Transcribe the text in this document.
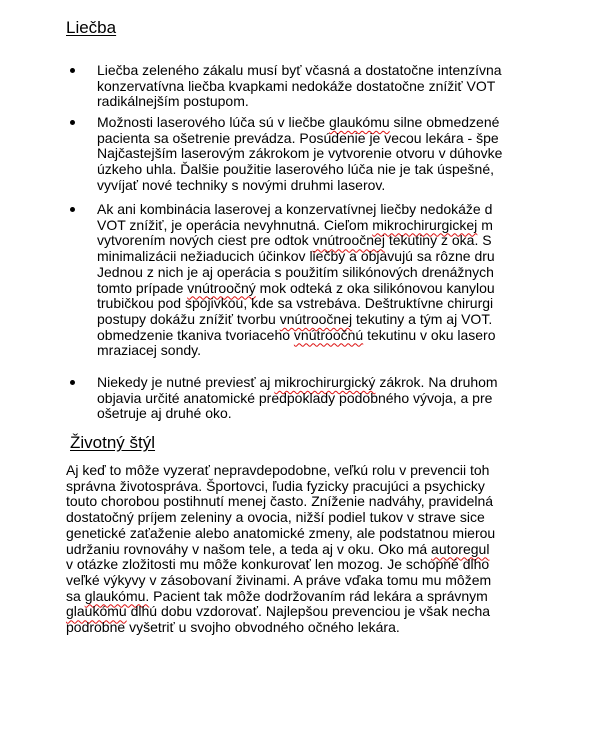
Liečba
Liečba zeleného zákalu musí byť včasná a dostatočne intenzívna
konzervatívna liečba kvapkami nedokáže dostatočne znížiť VOT
radikálnejším postupom.
Možnosti laserového lúča sú v liečbe glaukómu silne obmedzené
pacienta sa ošetrenie prevádza. Posúdenie je vecou lekára - špe
Najčastejším laserovým zákrokom je vytvorenie otvoru v dúhovke
úzkeho uhla. Ďalšie použitie laserového lúča nie je tak úspešné,
vyvíjať nové techniky s novými druhmi laserov.
Ak ani kombinácia laserovej a konzervatívnej liečby nedokáže d
VOT znížiť, je operácia nevyhnutná. Cieľom mikrochirurgickej m
vytvorením nových ciest pre odtok vnútroočnej tekutiny z oka. S
minimalizácii nežiaducich účinkov liečby a objavujú sa rôzne dru
Jednou z nich je aj operácia s použitím silikónových drenážnych
tomto prípade vnútroočný mok odteká z oka silikónovou kanylou
trubičkou pod spojivkou, kde sa vstrebáva. Deštruktívne chirurgi
postupy dokážu znížiť tvorbu vnútroočnej tekutiny a tým aj VOT.
obmedzenie tkaniva tvoriaceho vnútroočnú tekutinu v oku lasero
mraziacej sondy.
Niekedy je nutné previesť aj mikrochirurgický zákrok. Na druhom
objavia určité anatomické predpoklady podobného vývoja, a pre
ošetruje aj druhé oko.
Životný štýl
Aj keď to môže vyzerať nepravdepodobne, veľkú rolu v prevencii toh
správna životospráva. Športovci, ľudia fyzicky pracujúci a psychicky
touto chorobou postihnutí menej často. Zníženie nadváhy, pravidelná
dostatočný príjem zeleniny a ovocia, nižší podiel tukov v strave sice
genetické zaťaženie alebo anatomické zmeny, ale podstatnou mierou
udržaniu rovnováhy v našom tele, a teda aj v oku. Oko má autoregul
v otázke zložitosti mu môže konkurovať len mozog. Je schopné dlho
veľké výkyvy v zásobovaní živinami. A práve vďaka tomu mu môžem
sa glaukómu. Pacient tak môže dodržovaním rád lekára a správnym
glaukómu dlhú dobu vzdorovať. Najlepšou prevenciou je však necha
podrobne vyšetriť u svojho obvodného očného lekára.
